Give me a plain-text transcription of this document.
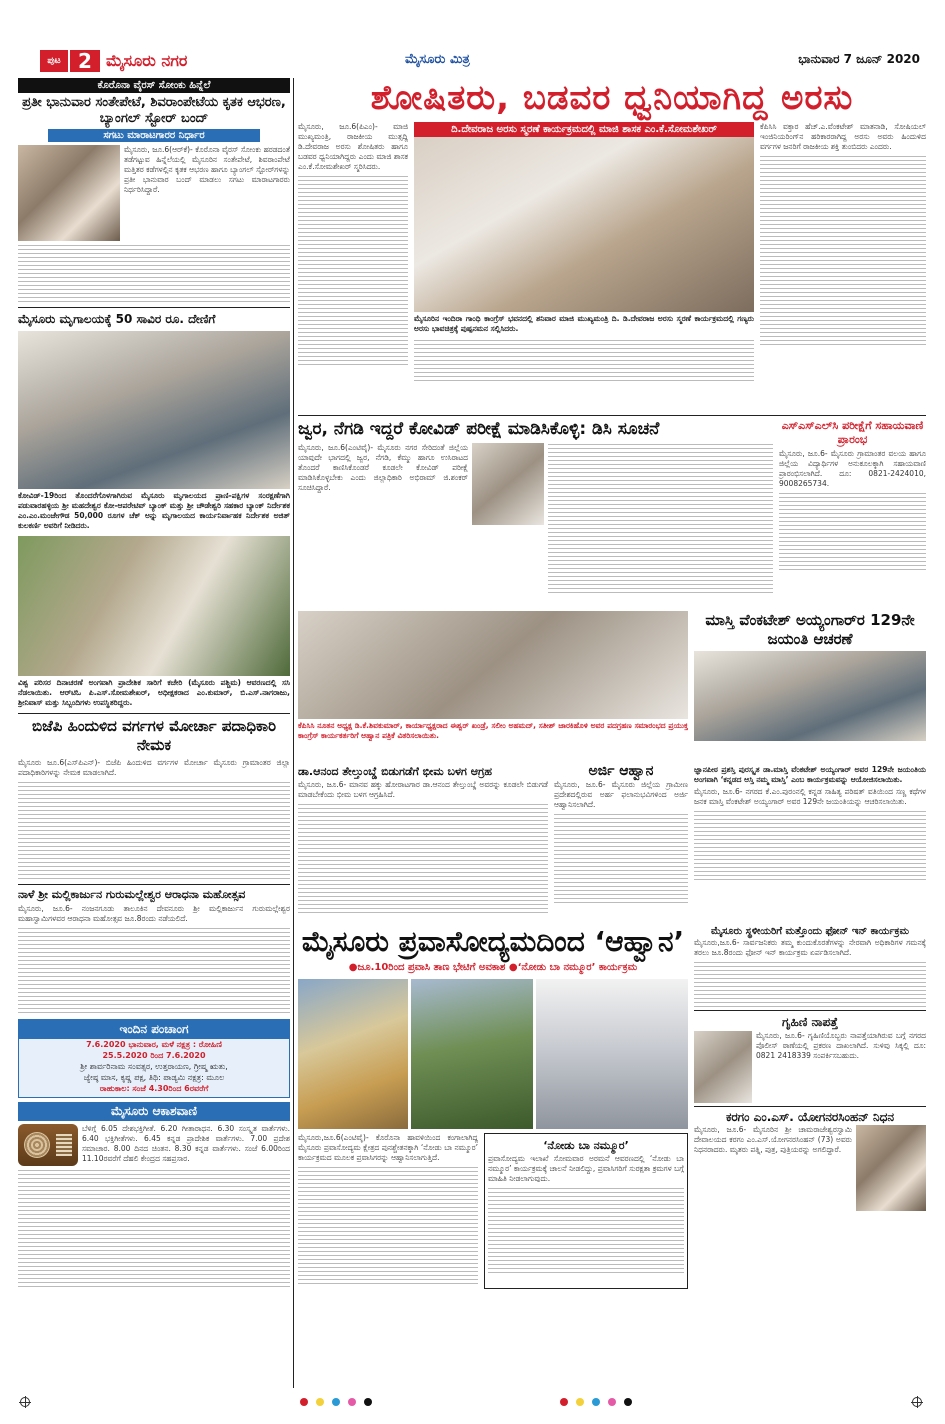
ಪುಟ 2 ಮೈಸೂರು ನಗರ	ಮೈಸೂರು ಮಿತ್ರ	ಭಾನುವಾರ 7 ಜೂನ್ 2020
ಕೊರೊನಾ ವೈರಸ್ ಸೋಂಕು ಹಿನ್ನೆಲೆ
ಪ್ರತೀ ಭಾನುವಾರ ಸಂತೇಪೇಟೆ, ಶಿವರಾಂಪೇಟೆಯ ಕೃತಕ ಆಭರಣ, ಬ್ಯಾಂಗಲ್ ಸ್ಟೋರ್ ಬಂದ್
ಸಗಟು ಮಾರಾಟಗಾರರ ನಿರ್ಧಾರ
ಮೈಸೂರು, ಜೂ.6(ಆರ್‌ಕೆ)- ಕೊರೊನಾ ವೈರಸ್ ಸೋಂಕು ಹರಡದಂತೆ ತಡೆಗಟ್ಟುವ ಹಿನ್ನೆಲೆಯಲ್ಲಿ ಮೈಸೂರಿನ ಸಂತೇಪೇಟೆ, ಶಿವರಾಂಪೇಟೆ ಮತ್ತಿತರ ಕಡೆಗಳಲ್ಲಿನ ಕೃತಕ ಆಭರಣ ಹಾಗೂ ಬ್ಯಾಂಗಲ್ ಸ್ಟೋರ್‌ಗಳನ್ನು ಪ್ರತೀ ಭಾನುವಾರ ಬಂದ್ ಮಾಡಲು ಸಗಟು ಮಾರಾಟಗಾರರು ನಿರ್ಧರಿಸಿದ್ದಾರೆ.
ಮೈಸೂರು ಮೃಗಾಲಯಕ್ಕೆ 50 ಸಾವಿರ ರೂ. ದೇಣಿಗೆ
ಕೋವಿಡ್-19ರಿಂದ ತೊಂದರೆಗೊಳಗಾಗಿರುವ ಮೈಸೂರು ಮೃಗಾಲಯದ ಪ್ರಾಣಿ-ಪಕ್ಷಿಗಳ ಸಂರಕ್ಷಣೆಗಾಗಿ ಪಡುವಾರಹಳ್ಳಿಯ ಶ್ರೀ ಮಹದೇಶ್ವರ ಕೋ-ಆಪರೇಟಿವ್ ಬ್ಯಾಂಕ್ ಮತ್ತು ಶ್ರೀ ಚೌಡೇಶ್ವರಿ ಸಹಕಾರ ಬ್ಯಾಂಕ್ ನಿರ್ದೇಶಕ ಎಂ.ಎಂ.ಮಂಜೇಗೌಡ 50,000 ರೂಗಳ ಚೆಕ್ ಅನ್ನು ಮೃಗಾಲಯದ ಕಾರ್ಯನಿರ್ವಾಹಕ ನಿರ್ದೇಶಕ ಅಜಿತ್ ಕುಲಕರ್ಣಿ ಅವರಿಗೆ ನೀಡಿದರು.
ವಿಶ್ವ ಪರಿಸರ ದಿನಾಚರಣೆ ಅಂಗವಾಗಿ ಪ್ರಾದೇಶಿಕ ಸಾರಿಗೆ ಕಚೇರಿ (ಮೈಸೂರು ಪಶ್ಚಿಮ) ಆವರಣದಲ್ಲಿ ಸಸಿ ನೆಡಲಾಯಿತು. ಆರ್‌ಟಿಓ ಪಿ.ಎಸ್.ಸೋಮಶೇಖರ್, ಅಧೀಕ್ಷಕರಾದ ಎಂ.ಕುಮಾರ್, ಬಿ.ಎಸ್.ನಾಗರಾಜು, ಶ್ರೀನಿವಾಸ್ ಮತ್ತು ಸಿಬ್ಬಂದಿಗಳು ಉಪಸ್ಥಿತರಿದ್ದರು.
ಬಿಜೆಪಿ ಹಿಂದುಳಿದ ವರ್ಗಗಳ ಮೋರ್ಚಾ ಪದಾಧಿಕಾರಿ ನೇಮಕ
ಮೈಸೂರು ಜೂ.6(ಎಸ್‌ಪಿಎನ್)- ಬಿಜೆಪಿ ಹಿಂದುಳಿದ ವರ್ಗಗಳ ಮೋರ್ಚಾ ಮೈಸೂರು ಗ್ರಾಮಾಂತರ ಜಿಲ್ಲಾ ಪದಾಧಿಕಾರಿಗಳನ್ನು ನೇಮಕ ಮಾಡಲಾಗಿದೆ.
ನಾಳೆ ಶ್ರೀ ಮಲ್ಲಿಕಾರ್ಜುನ ಗುರುಮಲ್ಲೇಶ್ವರ ಆರಾಧನಾ ಮಹೋತ್ಸವ
ಮೈಸೂರು, ಜೂ.6- ನಂಜನಗೂಡು ತಾಲೂಕಿನ ದೇವನೂರು ಶ್ರೀ ಮಲ್ಲಿಕಾರ್ಜುನ ಗುರುಮಲ್ಲೇಶ್ವರ ಮಹಾಸ್ವಾಮಿಗಳವರ ಆರಾಧನಾ ಮಹೋತ್ಸವ ಜೂ.8ರಂದು ನಡೆಯಲಿದೆ.
ಇಂದಿನ ಪಂಚಾಂಗ
7.6.2020 ಭಾನುವಾರ, ಮಳೆ ನಕ್ಷತ್ರ : ರೋಹಿಣಿ
25.5.2020 ರಿಂದ 7.6.2020
ಶ್ರೀ ಶಾರ್ವರಿನಾಮ ಸಂವತ್ಸರ, ಉತ್ತರಾಯಣ, ಗ್ರೀಷ್ಮ ಋತು,
ಜ್ಯೇಷ್ಠ ಮಾಸ, ಕೃಷ್ಣ ಪಕ್ಷ, ತಿಥಿ: ಪಾಡ್ಯಮಿ ನಕ್ಷತ್ರ: ಮೂಲ
ರಾಹುಕಾಲ: ಸಂಜೆ 4.30ರಿಂದ 6ರವರೆಗೆ
ಮೈಸೂರು ಆಕಾಶವಾಣಿ
ಬೆಳಿಗ್ಗೆ 6.05 ದೇಶಭಕ್ತಿಗೀತೆ. 6.20 ಗೀತಾರಾಧನ. 6.30 ಸಂಸ್ಕೃತ ವಾರ್ತೆಗಳು. 6.40 ಭಕ್ತಿಗೀತೆಗಳು. 6.45 ಕನ್ನಡ ಪ್ರಾದೇಶಿಕ ವಾರ್ತೆಗಳು. 7.00 ಪ್ರದೇಶ ಸಮಾಚಾರ. 8.00 ದಿನದ ಚಿಂತನ. 8.30 ಕನ್ನಡ ವಾರ್ತೆಗಳು. ಸಂಜೆ 6.00ರಿಂದ 11.10ರವರೆಗೆ ದೆಹಲಿ ಕೇಂದ್ರದ ಸಹಪ್ರಸಾರ.
ಶೋಷಿತರು, ಬಡವರ ಧ್ವನಿಯಾಗಿದ್ದ ಅರಸು
ಮೈಸೂರು, ಜೂ.6(ಪಿಎಂ)- ಮಾಜಿ ಮುಖ್ಯಮಂತ್ರಿ, ರಾಜಕೀಯ ಮುತ್ಸದ್ದಿ ಡಿ.ದೇವರಾಜ ಅರಸು ಶೋಷಿತರು ಹಾಗೂ ಬಡವರ ಧ್ವನಿಯಾಗಿದ್ದರು ಎಂದು ಮಾಜಿ ಶಾಸಕ ಎಂ.ಕೆ.ಸೋಮಶೇಖರ್ ಸ್ಮರಿಸಿದರು.
ದಿ.ದೇವರಾಜ ಅರಸು ಸ್ಮರಣೆ ಕಾರ್ಯಕ್ರಮದಲ್ಲಿ ಮಾಜಿ ಶಾಸಕ ಎಂ.ಕೆ.ಸೋಮಶೇಖರ್
ಮೈಸೂರಿನ ಇಂದಿರಾ ಗಾಂಧಿ ಕಾಂಗ್ರೆಸ್ ಭವನದಲ್ಲಿ ಶನಿವಾರ ಮಾಜಿ ಮುಖ್ಯಮಂತ್ರಿ ದಿ. ಡಿ.ದೇವರಾಜ ಅರಸು ಸ್ಮರಣೆ ಕಾರ್ಯಕ್ರಮದಲ್ಲಿ ಗಣ್ಯರು ಅರಸು ಭಾವಚಿತ್ರಕ್ಕೆ ಪುಷ್ಪನಮನ ಸಲ್ಲಿಸಿದರು.
ಕೆಪಿಸಿಸಿ ವಕ್ತಾರ ಹೆಚ್.ಎ.ವೆಂಕಟೇಶ್ ಮಾತನಾಡಿ, ಸೋಷಿಯಲ್ ಇಂಜಿನಿಯರಿಂಗ್‌ನ ಹರಿಕಾರರಾಗಿದ್ದ ಅರಸು ಅವರು ಹಿಂದುಳಿದ ವರ್ಗಗಳ ಜನರಿಗೆ ರಾಜಕೀಯ ಶಕ್ತಿ ತುಂಬಿದರು ಎಂದರು.
ಜ್ವರ, ನೆಗಡಿ ಇದ್ದರೆ ಕೋವಿಡ್ ಪರೀಕ್ಷೆ ಮಾಡಿಸಿಕೊಳ್ಳಿ: ಡಿಸಿ ಸೂಚನೆ
ಮೈಸೂರು, ಜೂ.6(ಎಂಟಿವೈ)- ಮೈಸೂರು ನಗರ ಸೇರಿದಂತೆ ಜಿಲ್ಲೆಯ ಯಾವುದೇ ಭಾಗದಲ್ಲಿ ಜ್ವರ, ನೆಗಡಿ, ಕೆಮ್ಮು ಹಾಗೂ ಉಸಿರಾಟದ ತೊಂದರೆ ಕಾಣಿಸಿಕೊಂಡರೆ ಕೂಡಲೇ ಕೋವಿಡ್ ಪರೀಕ್ಷೆ ಮಾಡಿಸಿಕೊಳ್ಳಬೇಕು ಎಂದು ಜಿಲ್ಲಾಧಿಕಾರಿ ಅಭಿರಾಮ್ ಜಿ.ಶಂಕರ್ ಸೂಚಿಸಿದ್ದಾರೆ.
ಎಸ್‌ಎಸ್‌ಎಲ್‌ಸಿ ಪರೀಕ್ಷೆಗೆ ಸಹಾಯವಾಣಿ ಪ್ರಾರಂಭ
ಮೈಸೂರು, ಜೂ.6- ಮೈಸೂರು ಗ್ರಾಮಾಂತರ ವಲಯ ಹಾಗೂ ಜಿಲ್ಲೆಯ ವಿದ್ಯಾರ್ಥಿಗಳ ಅನುಕೂಲಕ್ಕಾಗಿ ಸಹಾಯವಾಣಿ ಪ್ರಾರಂಭಿಸಲಾಗಿದೆ. ದೂ: 0821-2424010, 9008265734.
ಕೆಪಿಸಿಸಿ ನೂತನ ಅಧ್ಯಕ್ಷ ಡಿ.ಕೆ.ಶಿವಕುಮಾರ್, ಕಾರ್ಯಾಧ್ಯಕ್ಷರಾದ ಈಶ್ವರ್ ಖಂಡ್ರೆ, ಸಲೀಂ ಅಹಮದ್, ಸತೀಶ್ ಜಾರಕಿಹೊಳಿ ಅವರ ಪದಗ್ರಹಣ ಸಮಾರಂಭದ ಪ್ರಯುಕ್ತ ಕಾಂಗ್ರೆಸ್ ಕಾರ್ಯಕರ್ತರಿಗೆ ಆಹ್ವಾನ ಪತ್ರಿಕೆ ವಿತರಿಸಲಾಯಿತು.
ಮಾಸ್ತಿ ವೆಂಕಟೇಶ್ ಅಯ್ಯಂಗಾರ್‌ರ 129ನೇ ಜಯಂತಿ ಆಚರಣೆ
ಡಾ.ಆನಂದ ತೇಲ್ತುಂಬ್ಡೆ ಬಿಡುಗಡೆಗೆ ಭೀಮ ಬಳಗ ಆಗ್ರಹ
ಮೈಸೂರು, ಜೂ.6- ಮಾನವ ಹಕ್ಕು ಹೋರಾಟಗಾರ ಡಾ.ಆನಂದ ತೇಲ್ತುಂಬ್ಡೆ ಅವರನ್ನು ಕೂಡಲೇ ಬಿಡುಗಡೆ ಮಾಡಬೇಕೆಂದು ಭೀಮ ಬಳಗ ಆಗ್ರಹಿಸಿದೆ.
ಅರ್ಜಿ ಆಹ್ವಾನ
ಮೈಸೂರು, ಜೂ.6- ಮೈಸೂರು ಜಿಲ್ಲೆಯ ಗ್ರಾಮೀಣ ಪ್ರದೇಶದಲ್ಲಿರುವ ಅರ್ಹ ಫಲಾನುಭವಿಗಳಿಂದ ಅರ್ಜಿ ಆಹ್ವಾನಿಸಲಾಗಿದೆ.
ಜ್ಞಾನಪೀಠ ಪ್ರಶಸ್ತಿ ಪುರಸ್ಕೃತ ಡಾ.ಮಾಸ್ತಿ ವೆಂಕಟೇಶ್ ಅಯ್ಯಂಗಾರ್ ಅವರ 129ನೇ ಜಯಂತಿಯ ಅಂಗವಾಗಿ ‘ಕನ್ನಡದ ಆಸ್ತಿ ನಮ್ಮ ಮಾಸ್ತಿ’ ಎಂಬ ಕಾರ್ಯಕ್ರಮವನ್ನು ಆಯೋಜಿಸಲಾಯಿತು.
ಮೈಸೂರು, ಜೂ.6- ನಗರದ ಕೆ.ಎಂ.ಪುರಂನಲ್ಲಿ ಕನ್ನಡ ಸಾಹಿತ್ಯ ಪರಿಷತ್ ವತಿಯಿಂದ ಸಣ್ಣ ಕಥೆಗಳ ಜನಕ ಮಾಸ್ತಿ ವೆಂಕಟೇಶ್ ಅಯ್ಯಂಗಾರ್ ಅವರ 129ನೇ ಜಯಂತಿಯನ್ನು ಆಚರಿಸಲಾಯಿತು.
ಮೈಸೂರು ಪ್ರವಾಸೋದ್ಯಮದಿಂದ ‘ಆಹ್ವಾನ’
●ಜೂ.10ರಿಂದ ಪ್ರವಾಸಿ ತಾಣ ಭೇಟಿಗೆ ಅವಕಾಶ ●‘ನೋಡು ಬಾ ನಮ್ಮೂರ’ ಕಾರ್ಯಕ್ರಮ
ಮೈಸೂರು,ಜೂ.6(ಎಂಟಿವೈ)- ಕೊರೊನಾ ಹಾವಳಿಯಿಂದ ಕಂಗಾಲಾಗಿದ್ದ ಮೈಸೂರು ಪ್ರವಾಸೋದ್ಯಮ ಕ್ಷೇತ್ರದ ಪುನಶ್ಚೇತನಕ್ಕಾಗಿ ‘ನೋಡು ಬಾ ನಮ್ಮೂರ’ ಕಾರ್ಯಕ್ರಮದ ಮೂಲಕ ಪ್ರವಾಸಿಗರನ್ನು ಆಹ್ವಾನಿಸಲಾಗುತ್ತಿದೆ.
‘ನೋಡು ಬಾ ನಮ್ಮೂರ’
ಪ್ರವಾಸೋದ್ಯಮ ಇಲಾಖೆ ಸೋಮವಾರ ಅರಮನೆ ಆವರಣದಲ್ಲಿ ‘ನೋಡು ಬಾ ನಮ್ಮೂರ’ ಕಾರ್ಯಕ್ರಮಕ್ಕೆ ಚಾಲನೆ ನೀಡಲಿದ್ದು, ಪ್ರವಾಸಿಗರಿಗೆ ಸುರಕ್ಷತಾ ಕ್ರಮಗಳ ಬಗ್ಗೆ ಮಾಹಿತಿ ನೀಡಲಾಗುವುದು.
ಮೈಸೂರು ಸ್ಥಳೀಯರಿಗೆ ಮತ್ತೊಂದು ಫೋನ್ ಇನ್ ಕಾರ್ಯಕ್ರಮ
ಮೈಸೂರು,ಜೂ.6- ಸಾರ್ವಜನಿಕರು ತಮ್ಮ ಕುಂದುಕೊರತೆಗಳನ್ನು ನೇರವಾಗಿ ಅಧಿಕಾರಿಗಳ ಗಮನಕ್ಕೆ ತರಲು ಜೂ.8ರಂದು ಫೋನ್ ಇನ್ ಕಾರ್ಯಕ್ರಮ ಏರ್ಪಡಿಸಲಾಗಿದೆ.
ಗೃಹಿಣಿ ನಾಪತ್ತೆ
ಮೈಸೂರು, ಜೂ.6- ಗೃಹಿಣಿಯೊಬ್ಬರು ನಾಪತ್ತೆಯಾಗಿರುವ ಬಗ್ಗೆ ನಗರದ ಪೊಲೀಸ್ ಠಾಣೆಯಲ್ಲಿ ಪ್ರಕರಣ ದಾಖಲಾಗಿದೆ. ಸುಳಿವು ಸಿಕ್ಕಲ್ಲಿ ದೂ: 0821 2418339 ಸಂಪರ್ಕಿಸಬಹುದು.
ಕರಗಂ ಎಂ.ಎಸ್. ಯೋಗನರಸಿಂಹನ್ ನಿಧನ
ಮೈಸೂರು, ಜೂ.6- ಮೈಸೂರಿನ ಶ್ರೀ ಚಾಮರಾಜೇಶ್ವರಸ್ವಾಮಿ ದೇವಾಲಯದ ಕರಗಂ ಎಂ.ಎಸ್.ಯೋಗನರಸಿಂಹನ್ (73) ಅವರು ನಿಧನರಾದರು. ಮೃತರು ಪತ್ನಿ, ಪುತ್ರ, ಪುತ್ರಿಯರನ್ನು ಅಗಲಿದ್ದಾರೆ.
